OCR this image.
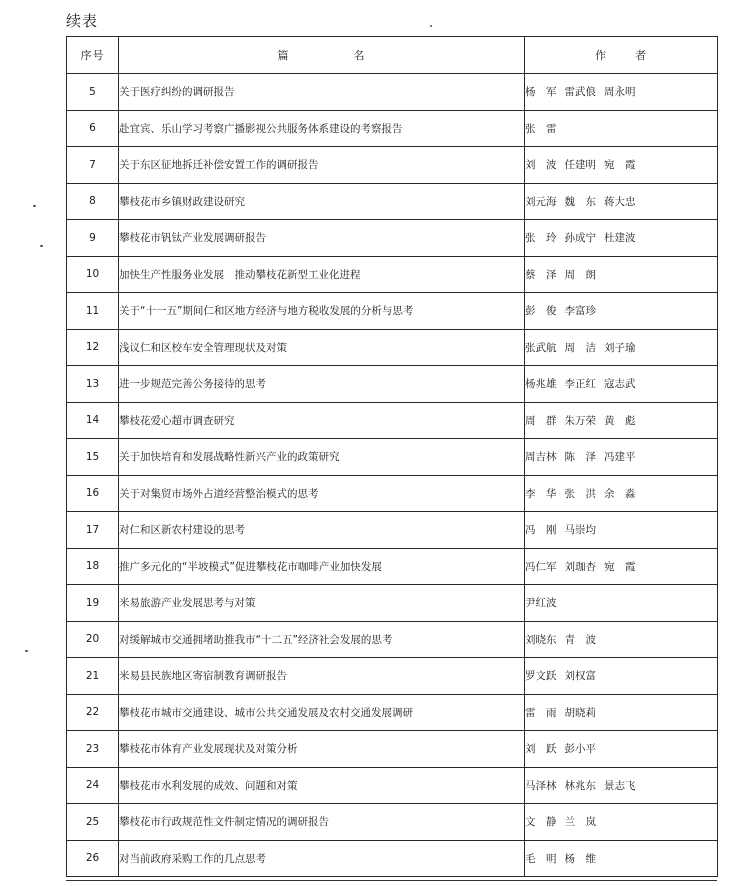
续表
序号	篇 名	作 者
5	关于医疗纠纷的调研报告	杨　军 雷武俍 周永明
6	赴宜宾、乐山学习考察广播影视公共服务体系建设的考察报告	张　雷
7	关于东区征地拆迁补偿安置工作的调研报告	刘　波 任建明 宛　霞
8	攀枝花市乡镇财政建设研究	刘元海 魏　东 蒋大忠
9	攀枝花市钒钛产业发展调研报告	张　玲 孙成宁 杜建波
10	加快生产性服务业发展　推动攀枝花新型工业化进程	蔡　泽 周　朗
11	关于“十一五”期间仁和区地方经济与地方税收发展的分析与思考	彭　俊 李富珍
12	浅议仁和区校车安全管理现状及对策	张武航 周　洁 刘子瑜
13	进一步规范完善公务接待的思考	杨兆雄 李正红 寇志武
14	攀枝花爱心超市调查研究	周　群 朱万荣 黄　彪
15	关于加快培育和发展战略性新兴产业的政策研究	周吉林 陈　泽 冯建平
16	关于对集贸市场外占道经营整治模式的思考	李　华 张　洪 余　淼
17	对仁和区新农村建设的思考	冯　刚 马崇均
18	推广多元化的“半坡模式”促进攀枝花市咖啡产业加快发展	冯仁军 刘珈杏 宛　霞
19	米易旅游产业发展思考与对策	尹红波
20	对缓解城市交通拥堵助推我市“十二五”经济社会发展的思考	刘晓东 青　波
21	米易县民族地区寄宿制教育调研报告	罗文跃 刘权富
22	攀枝花市城市交通建设、城市公共交通发展及农村交通发展调研	雷　雨 胡晓莉
23	攀枝花市体育产业发展现状及对策分析	刘　跃 彭小平
24	攀枝花市水利发展的成效、问题和对策	马泽林 林兆东 景志飞
25	攀枝花市行政规范性文件制定情况的调研报告	文　静 兰　岚
26	对当前政府采购工作的几点思考	毛　明 杨　维
